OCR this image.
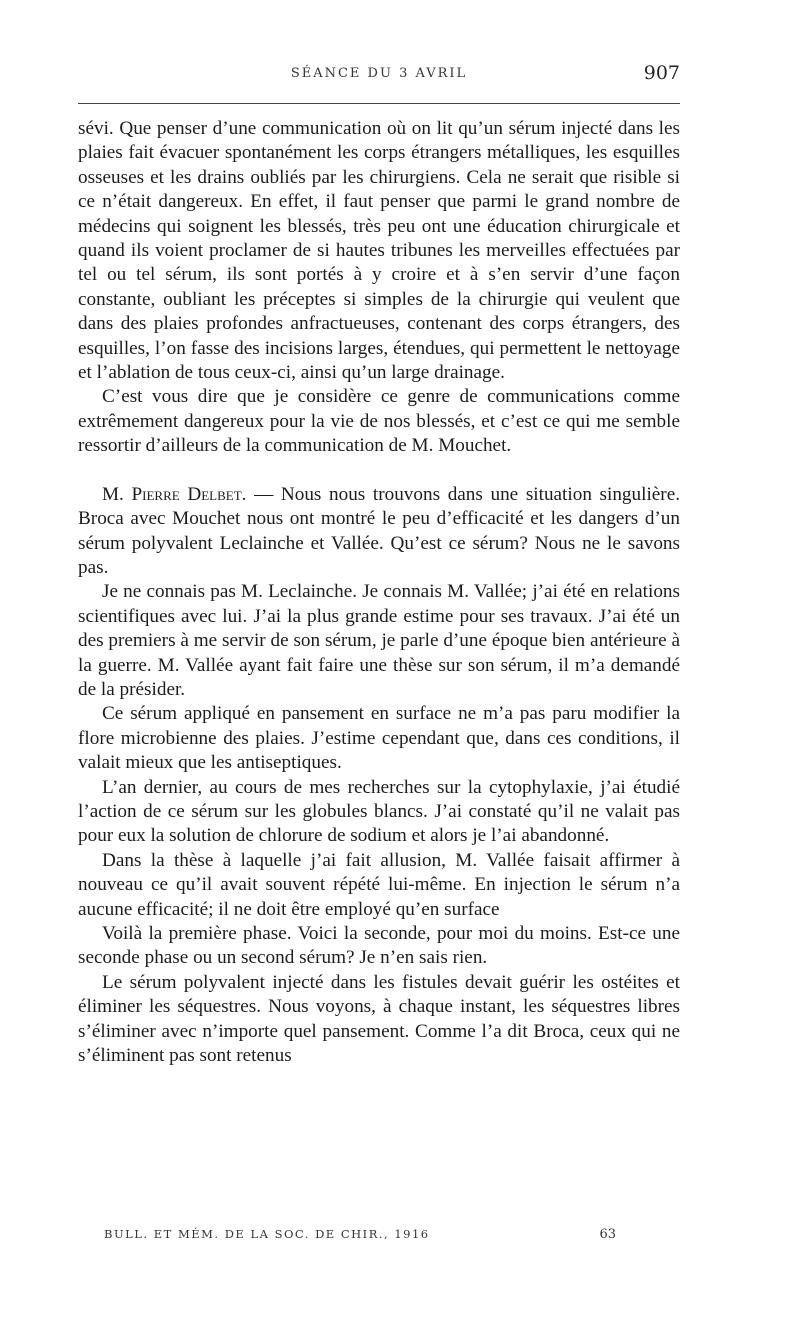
SÉANCE DU 3 AVRIL	907

sévi. Que penser d’une communication où on lit qu’un sérum injecté dans les plaies fait évacuer spontanément les corps étrangers métalliques, les esquilles osseuses et les drains oubliés par les chirurgiens. Cela ne serait que risible si ce n’était dangereux. En effet, il faut penser que parmi le grand nombre de médecins qui soignent les blessés, très peu ont une éducation chirurgicale et quand ils voient proclamer de si hautes tribunes les merveilles effectuées par tel ou tel sérum, ils sont portés à y croire et à s’en servir d’une façon constante, oubliant les préceptes si simples de la chirurgie qui veulent que dans des plaies profondes anfractueuses, contenant des corps étrangers, des esquilles, l’on fasse des incisions larges, étendues, qui permettent le nettoyage et l’ablation de tous ceux-ci, ainsi qu’un large drainage.

C’est vous dire que je considère ce genre de communications comme extrêmement dangereux pour la vie de nos blessés, et c’est ce qui me semble ressortir d’ailleurs de la communication de M. Mouchet.

M. Pierre Delbet. — Nous nous trouvons dans une situation singulière. Broca avec Mouchet nous ont montré le peu d’efficacité et les dangers d’un sérum polyvalent Leclainche et Vallée. Qu’est ce sérum? Nous ne le savons pas.

Je ne connais pas M. Leclainche. Je connais M. Vallée; j’ai été en relations scientifiques avec lui. J’ai la plus grande estime pour ses travaux. J’ai été un des premiers à me servir de son sérum, je parle d’une époque bien antérieure à la guerre. M. Vallée ayant fait faire une thèse sur son sérum, il m’a demandé de la présider.

Ce sérum appliqué en pansement en surface ne m’a pas paru modifier la flore microbienne des plaies. J’estime cependant que, dans ces conditions, il valait mieux que les antiseptiques.

L’an dernier, au cours de mes recherches sur la cytophylaxie, j’ai étudié l’action de ce sérum sur les globules blancs. J’ai constaté qu’il ne valait pas pour eux la solution de chlorure de sodium et alors je l’ai abandonné.

Dans la thèse à laquelle j’ai fait allusion, M. Vallée faisait affirmer à nouveau ce qu’il avait souvent répété lui-même. En injection le sérum n’a aucune efficacité; il ne doit être employé qu’en surface

Voilà la première phase. Voici la seconde, pour moi du moins. Est-ce une seconde phase ou un second sérum? Je n’en sais rien.

Le sérum polyvalent injecté dans les fistules devait guérir les ostéites et éliminer les séquestres. Nous voyons, à chaque instant, les séquestres libres s’éliminer avec n’importe quel pansement. Comme l’a dit Broca, ceux qui ne s’éliminent pas sont retenus

BULL. ET MÉM. DE LA SOC. DE CHIR., 1916	63
